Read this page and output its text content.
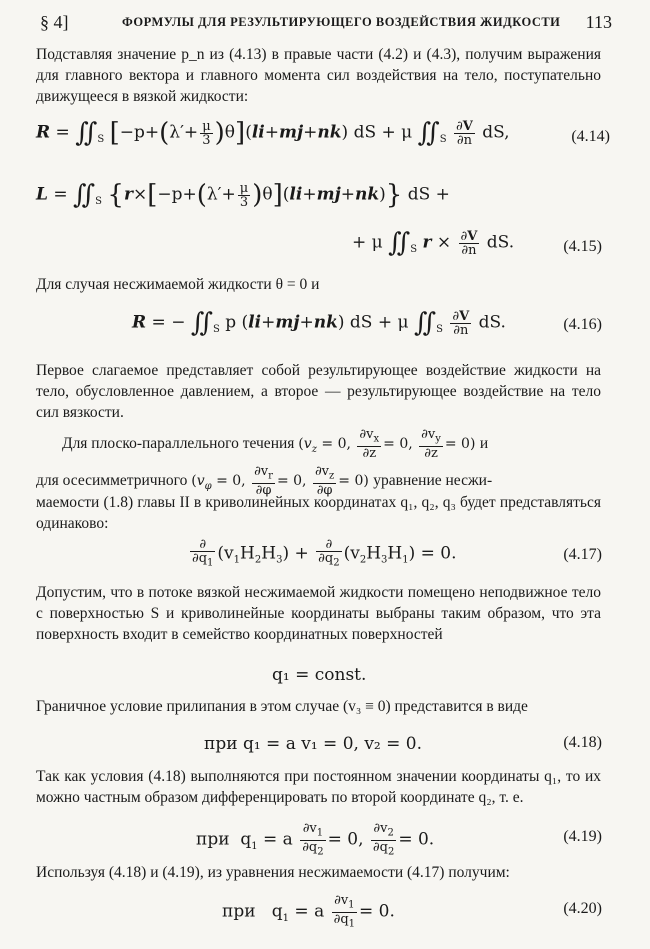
§ 4]	ФОРМУЛЫ ДЛЯ РЕЗУЛЬТИРУЮЩЕГО ВОЗДЕЙСТВИЯ ЖИДКОСТИ 113
Подставляя значение p_n из (4.13) в правые части (4.2) и (4.3), получим выражения для главного вектора и главного момента сил воздействия на тело, поступательно движущееся в вязкой жидкости:
$R = ∬_S$ $[-p+(\lambda'+ \frac{\mu}{3} )\theta](li+mj+nk)$ dS + μ $∬_S \frac{\partial V}{\partial n}$ dS,	(4.14)
$L = ∬_S$ $\{r\times[-p+(\lambda'+ \frac{\mu}{3} )\theta](li+mj+nk)\}$ dS +
+ μ $∬_S$ $r \times \frac{\partial V}{\partial n}$ dS.	(4.15)
Для случая несжимаемой жидкости θ = 0 и
R = − $∬_S$ p (li+mj+nk) dS + μ $∬_S \frac{\partial V}{\partial n}$ dS.	(4.16)
Первое слагаемое представляет собой результирующее воздействие жидкости на тело, обусловленное давлением, а второе — результирующее воздействие на тело сил вязкости.
Для плоско-параллельного течения ($v_z = 0$, $\frac{\partial v_x}{\partial z} = 0$, $\frac{\partial v_y}{\partial z} = 0$) и
для осесимметричного ($v_\varphi = 0$, $\frac{\partial v_r}{\partial\varphi} = 0$, $\frac{\partial v_z}{\partial\varphi} = 0$) уравнение несжи-
маемости (1.8) главы II в криволинейных координатах q₁, q₂, q₃ будет представляться одинаково:
$\frac{\partial}{\partial q_1} (v_1H_2H_3) + \frac{\partial}{\partial q_2} (v_2H_3H_1) = 0$.	(4.17)
Допустим, что в потоке вязкой несжимаемой жидкости помещено неподвижное тело с поверхностью S и криволинейные координаты выбраны таким образом, что эта поверхность входит в семейство координатных поверхностей
q₁ = const.
Граничное условие прилипания в этом случае (v₃ ≡ 0) представится в виде
при q₁ = a v₁ = 0, v₂ = 0.	(4.18)
Так как условия (4.18) выполняются при постоянном значении координаты q₁, то их можно частным образом дифференцировать по второй координате q₂, т. е.
при  $q_1 = a \frac{\partial v_1}{\partial q_2} = 0$, $\frac{\partial v_2}{\partial q_2} = 0$.	(4.19)
Используя (4.18) и (4.19), из уравнения несжимаемости (4.17) получим:
при   $q_1 = a \frac{\partial v_1}{\partial q_1} = 0$.	(4.20)
